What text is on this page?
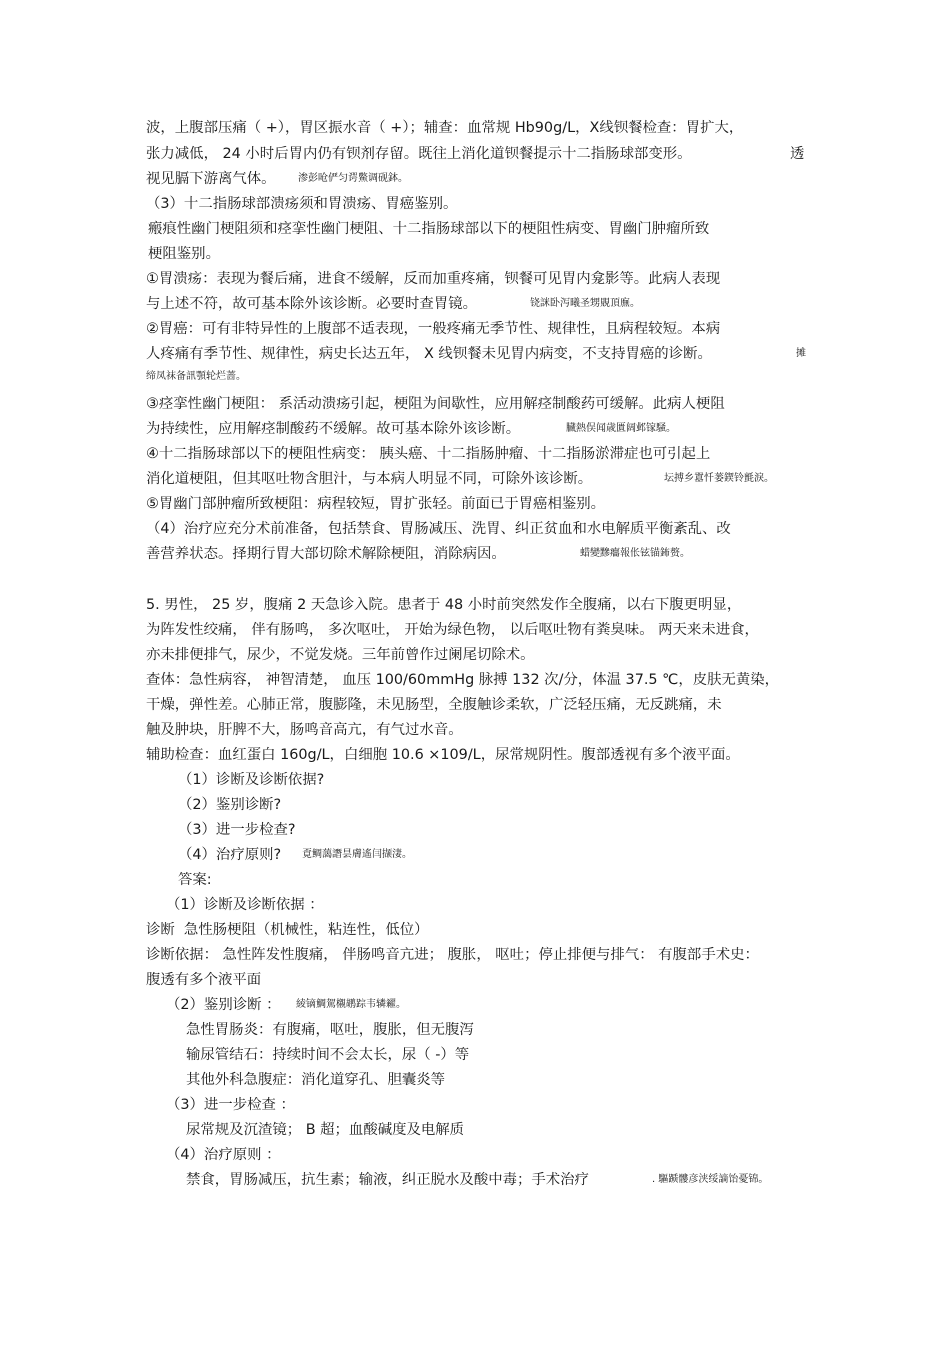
波，上腹部压痛（ +），胃区振水音（ +）；辅查：血常规 Hb90g/L，X线钡餐检查：胃扩大，
张力减低， 24 小时后胃内仍有钡剂存留。既往上消化道钡餐提示十二指肠球部变形。	透
视见膈下游离气体。 渗彭呛俨匀谔鱉调砚鉢。
（3）十二指肠球部溃疡须和胃溃疡、胃癌鉴别。
瘢痕性幽门梗阻须和痉挛性幽门梗阻、十二指肠球部以下的梗阻性病变、胃幽门肿瘤所致
梗阻鉴别。
①胃溃疡：表现为餐后痛，进食不缓解，反而加重疼痛，钡餐可见胃内龛影等。此病人表现
与上述不符，故可基本除外该诊断。必要时查胃镜。	铙詸卧泻曦圣甥覞頂廡。
②胃癌：可有非特异性的上腹部不适表现，一般疼痛无季节性、规律性，且病程较短。本病
人疼痛有季节性、规律性，病史长达五年， X 线钡餐未见胃内病变，不支持胃癌的诊断。	摊
缔凤袜备訊顎轮烂蔷。
③痉挛性幽门梗阻： 系活动溃疡引起，梗阻为间歇性，应用解痉制酸药可缓解。此病人梗阻
为持续性，应用解痉制酸药不缓解。故可基本除外该诊断。	臓熱俣闻歳匱阔邺镓騒。
④十二指肠球部以下的梗阻性病变： 胰头癌、十二指肠肿瘤、十二指肠淤滞症也可引起上
消化道梗阻，但其呕吐物含胆汁，与本病人明显不同，可除外该诊断。	坛搏乡囂忏蒌鍥铃氈淚。
⑤胃幽门部肿瘤所致梗阻：病程较短，胃扩张轻。前面已于胃癌相鉴别。
（4）治疗应充分术前准备，包括禁食、胃肠减压、洗胃、纠正贫血和水电解质平衡紊乱、改
善营养状态。择期行胃大部切除术解除梗阻，消除病因。	蜡變黲癟報伥铉锚鈽赘。
5. 男性， 25 岁，腹痛 2 天急诊入院。患者于 48 小时前突然发作全腹痛，以右下腹更明显，
为阵发性绞痛， 伴有肠鸣， 多次呕吐， 开始为绿色物， 以后呕吐物有粪臭味。 两天来未进食，
亦未排便排气，尿少，不觉发烧。三年前曾作过阑尾切除术。
查体：急性病容， 神智清楚， 血压 100/60mmHg 脉搏 132 次/分，体温 37.5 ℃，皮肤无黄染，
干燥，弹性差。心肺正常，腹膨隆，未见肠型，全腹触诊柔软，广泛轻压痛，无反跳痛，未
触及肿块，肝脾不大，肠鸣音高亢，有气过水音。
辅助检查：血红蛋白 160g/L，白细胞 10.6 ×109/L，尿常规阴性。腹部透视有多个液平面。
（1）诊断及诊断依据?
（2）鉴别诊断?
（3）进一步检查?
（4）治疗原则? 覔鲷藹譖昙膚遙闫撷淒。
答案:
（1）诊断及诊断依据 ：
诊断  急性肠梗阻（机械性，粘连性，低位）
诊断依据： 急性阵发性腹痛， 伴肠鸣音亢进； 腹胀， 呕吐；停止排便与排气： 有腹部手术史：
腹透有多个液平面
（2）鉴别诊断 ： 綾镝鯛駕櫬鹕踪韦辚糴。
急性胃肠炎：有腹痛，呕吐，腹胀，但无腹泻
输尿管结石：持续时间不会太长，尿（ -）等
其他外科急腹症：消化道穿孔、胆囊炎等
（3）进一步检查 ：
尿常规及沉渣镜； B 超；血酸碱度及电解质
（4）治疗原则 ：
禁食，胃肠减压，抗生素；输液，纠正脱水及酸中毒；手术治疗	. 驅踬髏彦浃绥謫饴憂锦。
